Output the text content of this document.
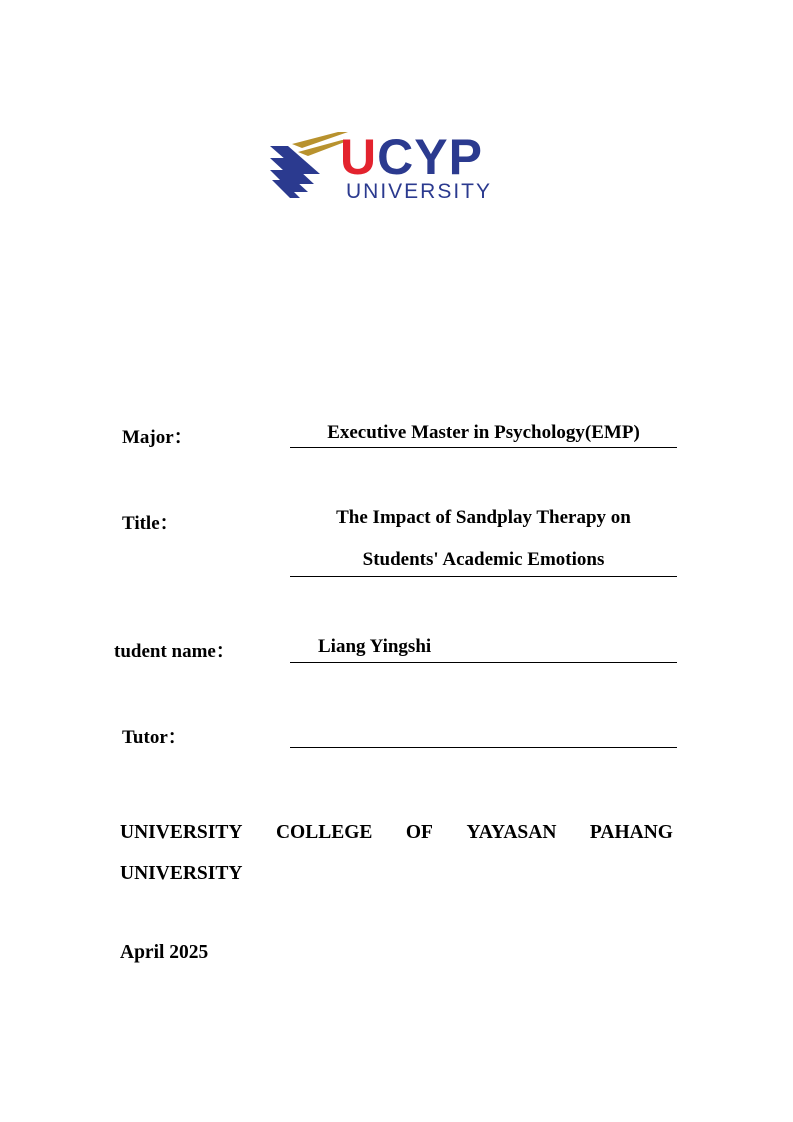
UCYP
UNIVERSITY
Major：	Executive Master in Psychology(EMP)
Title：	The Impact of Sandplay Therapy on
Students' Academic Emotions
tudent name：	Liang Yingshi
Tutor：
UNIVERSITY COLLEGE OF YAYASAN PAHANG
UNIVERSITY
April 2025
